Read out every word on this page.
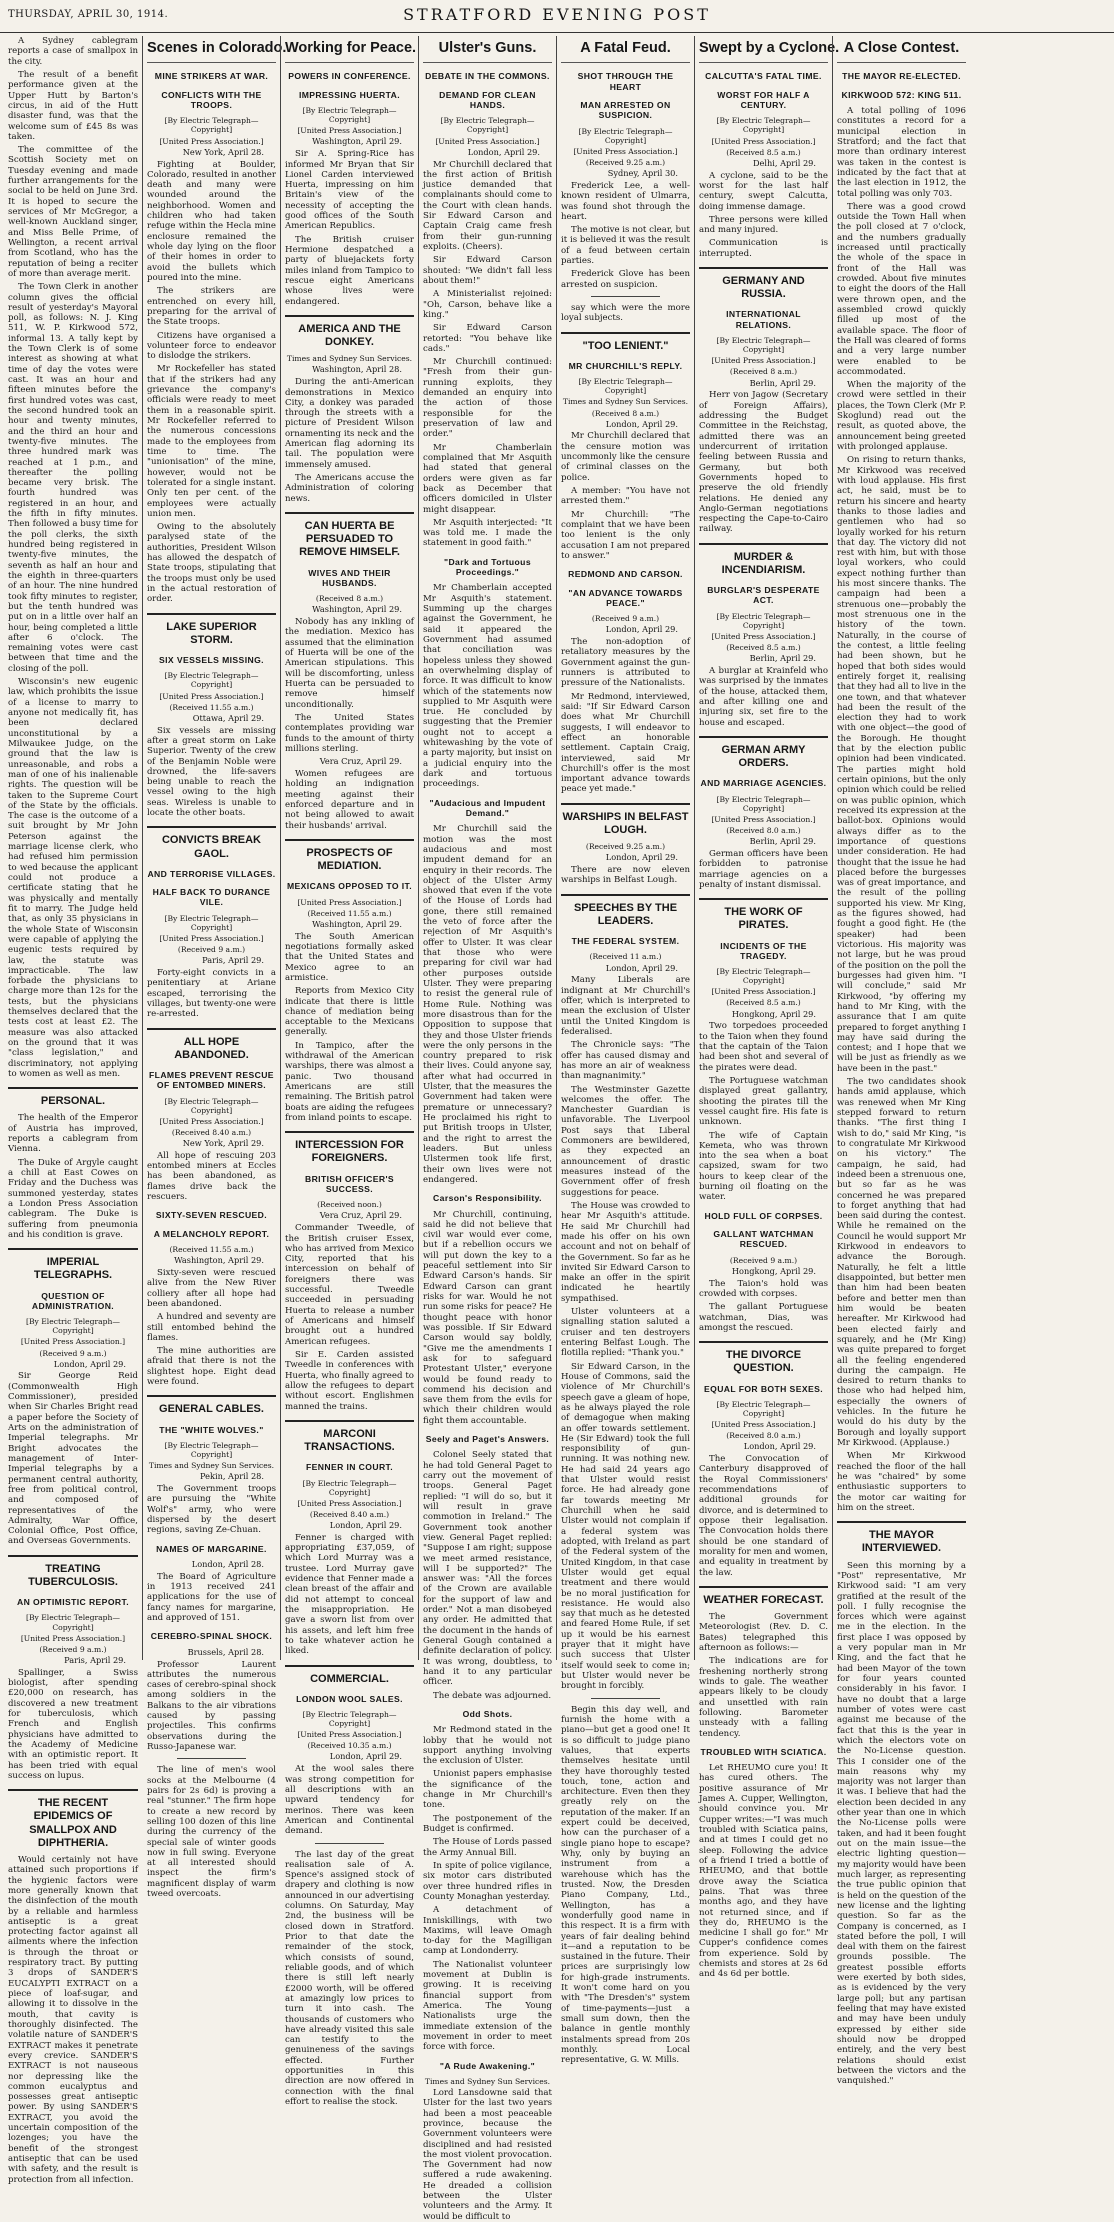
THURSDAY, APRIL 30, 1914.	STRATFORD EVENING POST
A Sydney cablegram reports a case of smallpox in the city.
The result of a benefit performance given at the Upper Hutt by Barton's circus, in aid of the Hutt disaster fund, was that the welcome sum of £45 8s was taken.
The committee of the Scottish Society met on Tuesday evening and made further arrangements for the social to be held on June 3rd. It is hoped to secure the services of Mr McGregor, a well-known Auckland singer, and Miss Belle Prime, of Wellington, a recent arrival from Scotland, who has the reputation of being a reciter of more than average merit.
The Town Clerk in another column gives the official result of yesterday's Mayoral poll, as follows: N. J. King 511, W. P. Kirkwood 572, informal 13. A tally kept by the Town Clerk is of some interest as showing at what time of day the votes were cast. It was an hour and fifteen minutes before the first hundred votes was cast, the second hundred took an hour and twenty minutes, and the third an hour and twenty-five minutes. The three hundred mark was reached at 1 p.m., and thereafter the polling became very brisk. The fourth hundred was registered in an hour, and the fifth in fifty minutes. Then followed a busy time for the poll clerks, the sixth hundred being registered in twenty-five minutes, the seventh as half an hour and the eighth in three-quarters of an hour. The nine hundred took fifty minutes to register, but the tenth hundred was put on in a little over half an hour, being completed a little after 6 o'clock. The remaining votes were cast between that time and the closing of the poll.
Wisconsin's new eugenic law, which prohibits the issue of a license to marry to anyone not medically fit, has been declared unconstitutional by a Milwaukee Judge, on the ground that the law is unreasonable, and robs a man of one of his inalienable rights. The question will be taken to the Supreme Court of the State by the officials. The case is the outcome of a suit brought by Mr John Peterson against the marriage license clerk, who had refused him permission to wed because the applicant could not produce a certificate stating that he was physically and mentally fit to marry. The Judge held that, as only 35 physicians in the whole State of Wisconsin were capable of applying the eugenic tests required by law, the statute was impracticable. The law forbade the physicians to charge more than 12s for the tests, but the physicians themselves declared that the tests cost at least £2. The measure was also attacked on the ground that it was "class legislation," and discriminatory, not applying to women as well as men.
PERSONAL.
The health of the Emperor of Austria has improved, reports a cablegram from Vienna.
The Duke of Argyle caught a chill at East Cowes on Friday and the Duchess was summoned yesterday, states a London Press Association cablegram. The Duke is suffering from pneumonia and his condition is grave.
IMPERIAL TELEGRAPHS.
QUESTION OF ADMINISTRATION.
[By Electric Telegraph—Copyright]
[United Press Association.]
(Received 9 a.m.)
London, April 29.
Sir George Reid (Commonwealth High Commissioner), presided when Sir Charles Bright read a paper before the Society of Arts on the administration of Imperial telegraphs. Mr Bright advocates the management of Inter-Imperial telegraphs by a permanent central authority, free from political control, and composed of representatives of the Admiralty, War Office, Colonial Office, Post Office, and Overseas Governments.
TREATING TUBERCULOSIS.
AN OPTIMISTIC REPORT.
[By Electric Telegraph—Copyright]
[United Press Association.]
(Received 9 a.m.)
Paris, April 29.
Spallinger, a Swiss biologist, after spending £20,000 on research, has discovered a new treatment for tuberculosis, which French and English physicians have admitted to the Academy of Medicine with an optimistic report. It has been tried with equal success on lupus.
THE RECENT EPIDEMICS OF SMALLPOX AND DIPHTHERIA.
Would certainly not have attained such proportions if the hygienic factors were more generally known that the disinfection of the mouth by a reliable and harmless antiseptic is a great protecting factor against all ailments where the infection is through the throat or respiratory tract. By putting 3 drops of SANDER'S EUCALYPTI EXTRACT on a piece of loaf-sugar, and allowing it to dissolve in the mouth, that cavity is thoroughly disinfected. The volatile nature of SANDER'S EXTRACT makes it penetrate every crevice. SANDER'S EXTRACT is not nauseous nor depressing like the common eucalyptus and possesses great antiseptic power. By using SANDER'S EXTRACT, you avoid the uncertain composition of the lozenges; you have the benefit of the strongest antiseptic that can be used with safety, and the result is protection from all infection.
Scenes in Colorado.
MINE STRIKERS AT WAR.
CONFLICTS WITH THE TROOPS.
[By Electric Telegraph—Copyright]
[United Press Association.]
New York, April 28.
Fighting at Boulder, Colorado, resulted in another death and many were wounded around the neighborhood. Women and children who had taken refuge within the Hecla mine enclosure remained the whole day lying on the floor of their homes in order to avoid the bullets which poured into the mine.
The strikers are entrenched on every hill, preparing for the arrival of the State troops.
Citizens have organised a volunteer force to endeavor to dislodge the strikers.
Mr Rockefeller has stated that if the strikers had any grievance the company's officials were ready to meet them in a reasonable spirit. Mr Rockefeller referred to the numerous concessions made to the employees from time to time. The "unionisation" of the mine, however, would not be tolerated for a single instant. Only ten per cent. of the employees were actually union men.
Owing to the absolutely paralysed state of the authorities, President Wilson has allowed the despatch of State troops, stipulating that the troops must only be used in the actual restoration of order.
LAKE SUPERIOR STORM.
SIX VESSELS MISSING.
[By Electric Telegraph—Copyright]
[United Press Association.]
(Received 11.55 a.m.)
Ottawa, April 29.
Six vessels are missing after a great storm on Lake Superior. Twenty of the crew of the Benjamin Noble were drowned, the life-savers being unable to reach the vessel owing to the high seas. Wireless is unable to locate the other boats.
CONVICTS BREAK GAOL.
AND TERRORISE VILLAGES.
HALF BACK TO DURANCE VILE.
[By Electric Telegraph—Copyright]
[United Press Association.]
(Received 9 a.m.)
Paris, April 29.
Forty-eight convicts in a penitentiary at Ariane escaped, terrorising the villages, but twenty-one were re-arrested.
ALL HOPE ABANDONED.
FLAMES PREVENT RESCUE OF ENTOMBED MINERS.
[By Electric Telegraph—Copyright]
[United Press Association.]
(Received 8.40 a.m.)
New York, April 29.
All hope of rescuing 203 entombed miners at Eccles has been abandoned, as flames drive back the rescuers.
SIXTY-SEVEN RESCUED.
A MELANCHOLY REPORT.
(Received 11.55 a.m.)
Washington, April 29.
Sixty-seven were rescued alive from the New River colliery after all hope had been abandoned.
A hundred and seventy are still entombed behind the flames.
The mine authorities are afraid that there is not the slightest hope. Eight dead were found.
GENERAL CABLES.
THE "WHITE WOLVES."
[By Electric Telegraph—Copyright]
Times and Sydney Sun Services.
Pekin, April 28.
The Government troops are pursuing the "White Wolf's" army, who were dispersed by the desert regions, saving Ze-Chuan.
NAMES OF MARGARINE.
London, April 28.
The Board of Agriculture in 1913 received 241 applications for the use of fancy names for margarine, and approved of 151.
CEREBRO-SPINAL SHOCK.
Brussels, April 28.
Professor Laurent attributes the numerous cases of cerebro-spinal shock among soldiers in the Balkans to the air vibrations caused by passing projectiles. This confirms observations during the Russo-Japanese war.
The line of men's wool socks at the Melbourne (4 pairs for 2s 6d) is proving a real "stunner." The firm hope to create a new record by selling 100 dozen of this line during the currency of the special sale of winter goods now in full swing. Everyone at all interested should inspect the firm's magnificent display of warm tweed overcoats.
Working for Peace.
POWERS IN CONFERENCE.
IMPRESSING HUERTA.
[By Electric Telegraph—Copyright]
[United Press Association.]
Washington, April 29.
Sir A. Spring-Rice has informed Mr Bryan that Sir Lionel Carden interviewed Huerta, impressing on him Britain's view of the necessity of accepting the good offices of the South American Republics.
The British cruiser Hermione despatched a party of bluejackets forty miles inland from Tampico to rescue eight Americans whose lives were endangered.
AMERICA AND THE DONKEY.
Times and Sydney Sun Services.
Washington, April 28.
During the anti-American demonstrations in Mexico City, a donkey was paraded through the streets with a picture of President Wilson ornamenting its neck and the American flag adorning its tail. The population were immensely amused.
The Americans accuse the Administration of coloring news.
CAN HUERTA BE PERSUADED TO REMOVE HIMSELF.
WIVES AND THEIR HUSBANDS.
(Received 8 a.m.)
Washington, April 29.
Nobody has any inkling of the mediation. Mexico has assumed that the elimination of Huerta will be one of the American stipulations. This will be discomforting, unless Huerta can be persuaded to remove himself unconditionally.
The United States contemplates providing war funds to the amount of thirty millions sterling.
Vera Cruz, April 29.
Women refugees are holding an indignation meeting against their enforced departure and in not being allowed to await their husbands' arrival.
PROSPECTS OF MEDIATION.
MEXICANS OPPOSED TO IT.
[United Press Association.]
(Received 11.55 a.m.)
Washington, April 29.
The South American negotiations formally asked that the United States and Mexico agree to an armistice.
Reports from Mexico City indicate that there is little chance of mediation being acceptable to the Mexicans generally.
In Tampico, after the withdrawal of the American warships, there was almost a panic. Two thousand Americans are still remaining. The British patrol boats are aiding the refugees from inland points to escape.
INTERCESSION FOR FOREIGNERS.
BRITISH OFFICER'S SUCCESS.
(Received noon.)
Vera Cruz, April 29.
Commander Tweedle, of the British cruiser Essex, who has arrived from Mexico City, reported that his intercession on behalf of foreigners there was successful. Tweedle succeeded in persuading Huerta to release a number of Americans and himself brought out a hundred American refugees.
Sir E. Carden assisted Tweedle in conferences with Huerta, who finally agreed to allow the refugees to depart without escort. Englishmen manned the trains.
MARCONI TRANSACTIONS.
FENNER IN COURT.
[By Electric Telegraph—Copyright]
[United Press Association.]
(Received 8.40 a.m.)
London, April 29.
Fenner is charged with appropriating £37,059, of which Lord Murray was a trustee. Lord Murray gave evidence that Fenner made a clean breast of the affair and did not attempt to conceal the misappropriation. He gave a sworn list from over his assets, and left him free to take whatever action he liked.
COMMERCIAL.
LONDON WOOL SALES.
[By Electric Telegraph—Copyright]
[United Press Association.]
(Received 10.35 a.m.)
London, April 29.
At the wool sales there was strong competition for all descriptions with an upward tendency for merinos. There was keen American and Continental demand.
The last day of the great realisation sale of A. Spence's assigned stock of drapery and clothing is now announced in our advertising columns. On Saturday, May 2nd, the business will be closed down in Stratford. Prior to that date the remainder of the stock, which consists of sound, reliable goods, and of which there is still left nearly £2000 worth, will be offered at amazingly low prices to turn it into cash. The thousands of customers who have already visited this sale can testify to the genuineness of the savings effected. Further opportunities in this direction are now offered in connection with the final effort to realise the stock.
Ulster's Guns.
DEBATE IN THE COMMONS.
DEMAND FOR CLEAN HANDS.
[By Electric Telegraph—Copyright]
[United Press Association.]
London, April 29.
Mr Churchill declared that the first action of British justice demanded that complainants should come to the Court with clean hands. Sir Edward Carson and Captain Craig came fresh from their gun-running exploits. (Cheers).
Sir Edward Carson shouted: "We didn't fall less about them!"
A Ministerialist rejoined: "Oh, Carson, behave like a king."
Sir Edward Carson retorted: "You behave like cads."
Mr Churchill continued: "Fresh from their gun-running exploits, they demanded an enquiry into the action of those responsible for the preservation of law and order."
Mr Chamberlain complained that Mr Asquith had stated that general orders were given as far back as December that officers domiciled in Ulster might disappear.
Mr Asquith interjected: "It was told me. I made the statement in good faith."
"Dark and Tortuous Proceedings."
Mr Chamberlain accepted Mr Asquith's statement. Summing up the charges against the Government, he said it appeared the Government had assumed that conciliation was hopeless unless they showed an overwhelming display of force. It was difficult to know which of the statements now supplied to Mr Asquith were true. He concluded by suggesting that the Premier ought not to accept a whitewashing by the vote of a party majority, but insist on a judicial enquiry into the dark and tortuous proceedings.
"Audacious and Impudent Demand."
Mr Churchill said the motion was the most audacious and most impudent demand for an enquiry in their records. The object of the Ulster Army showed that even if the vote of the House of Lords had gone, there still remained the veto of force after the rejection of Mr Asquith's offer to Ulster. It was clear that those who were preparing for civil war had other purposes outside Ulster. They were preparing to resist the general rule of Home Rule. Nothing was more disastrous than for the Opposition to suppose that they and those Ulster friends were the only persons in the country prepared to risk their lives. Could anyone say, after what had occurred in Ulster, that the measures the Government had taken were premature or unnecessary? He proclaimed his right to put British troops in Ulster, and the right to arrest the leaders. But unless Ulstermen took life first, their own lives were not endangered.
Carson's Responsibility.
Mr Churchill, continuing, said he did not believe that civil war would ever come, but if a rebellion occurs we will put down the key to a peaceful settlement into Sir Edward Carson's hands. Sir Edward Carson can grant risks for war. Would he not run some risks for peace? He thought peace with honor was possible. If Sir Edward Carson would say boldly, "Give me the amendments I ask for to safeguard Protestant Ulster," everyone would be found ready to commend his decision and save them from the evils for which their children would fight them accountable.
Seely and Paget's Answers.
Colonel Seely stated that he had told General Paget to carry out the movement of troops. General Paget replied: "I will do so, but it will result in grave commotion in Ireland." The Government took another view. General Paget replied: "Suppose I am right; suppose we meet armed resistance, will I be supported?" The answer was: "All the forces of the Crown are available for the support of law and order." Not a man disobeyed any order. He admitted that the document in the hands of General Gough contained a definite declaration of policy. It was wrong, doubtless, to hand it to any particular officer.
The debate was adjourned.
Odd Shots.
Mr Redmond stated in the lobby that he would not support anything involving the exclusion of Ulster.
Unionist papers emphasise the significance of the change in Mr Churchill's tone.
The postponement of the Budget is confirmed.
The House of Lords passed the Army Annual Bill.
In spite of police vigilance, six motor cars distributed over three hundred rifles in County Monaghan yesterday.
A detachment of Inniskillings, with two Maxims, will leave Omagh to-day for the Magilligan camp at Londonderry.
The Nationalist volunteer movement at Dublin is growing. It is receiving financial support from America. The Young Nationalists urge the immediate extension of the movement in order to meet force with force.
"A Rude Awakening."
Times and Sydney Sun Services.
Lord Lansdowne said that Ulster for the last two years had been a most peaceable province, because the Government volunteers were disciplined and had resisted the most violent provocation. The Government had now suffered a rude awakening. He dreaded a collision between the Ulster volunteers and the Army. It would be difficult to
A Fatal Feud.
SHOT THROUGH THE HEART
MAN ARRESTED ON SUSPICION.
[By Electric Telegraph—Copyright]
[United Press Association.]
(Received 9.25 a.m.)
Sydney, April 30.
Frederick Lee, a well-known resident of Ulmarra, was found shot through the heart.
The motive is not clear, but it is believed it was the result of a feud between certain parties.
Frederick Glove has been arrested on suspicion.
say which were the more loyal subjects.
"TOO LENIENT."
MR CHURCHILL'S REPLY.
[By Electric Telegraph—Copyright]
Times and Sydney Sun Services.
(Received 8 a.m.)
London, April 29.
Mr Churchill declared that the censure motion was uncommonly like the censure of criminal classes on the police.
A member: "You have not arrested them."
Mr Churchill: "The complaint that we have been too lenient is the only accusation I am not prepared to answer."
REDMOND AND CARSON.
"AN ADVANCE TOWARDS PEACE."
(Received 9 a.m.)
London, April 29.
The non-adoption of retaliatory measures by the Government against the gun-runners is attributed to pressure of the Nationalists.
Mr Redmond, interviewed, said: "If Sir Edward Carson does what Mr Churchill suggests, I will endeavor to effect an honorable settlement. Captain Craig, interviewed, said Mr Churchill's offer is the most important advance towards peace yet made."
WARSHIPS IN BELFAST LOUGH.
(Received 9.25 a.m.)
London, April 29.
There are now eleven warships in Belfast Lough.
SPEECHES BY THE LEADERS.
THE FEDERAL SYSTEM.
(Received 11 a.m.)
London, April 29.
Many Liberals are indignant at Mr Churchill's offer, which is interpreted to mean the exclusion of Ulster until the United Kingdom is federalised.
The Chronicle says: "The offer has caused dismay and has more an air of weakness than magnanimity."
The Westminster Gazette welcomes the offer. The Manchester Guardian is unfavorable. The Liverpool Post says that Liberal Commoners are bewildered, as they expected an announcement of drastic measures instead of the Government offer of fresh suggestions for peace.
The House was crowded to hear Mr Asquith's attitude. He said Mr Churchill had made his offer on his own account and not on behalf of the Government. So far as he invited Sir Edward Carson to make an offer in the spirit indicated he heartily sympathised.
Ulster volunteers at a signalling station saluted a cruiser and ten destroyers entering Belfast Lough. The flotilla replied: "Thank you."
Sir Edward Carson, in the House of Commons, said the violence of Mr Churchill's speech gave a gleam of hope, as he always played the role of demagogue when making an offer towards settlement. He (Sir Edward) took the full responsibility of gun-running. It was nothing new. He had said 24 years ago that Ulster would resist force. He had already gone far towards meeting Mr Churchill when he said Ulster would not complain if a federal system was adopted, with Ireland as part of the Federal system of the United Kingdom, in that case Ulster would get equal treatment and there would be no moral justification for resistance. He would also say that much as he detested and feared Home Rule, if set up it would be his earnest prayer that it might have such success that Ulster itself would seek to come in; but Ulster would never be brought in forcibly.
Begin this day well, and furnish the home with a piano—but get a good one! It is so difficult to judge piano values, that experts themselves hesitate until they have thoroughly tested touch, tone, action and architecture. Even then they greatly rely on the reputation of the maker. If an expert could be deceived, how can the purchaser of a single piano hope to escape? Why, only by buying an instrument from a warehouse which has the trusted. Now, the Dresden Piano Company, Ltd., Wellington, has a wonderfully good name in this respect. It is a firm with years of fair dealing behind it—and a reputation to be sustained in the future. Their prices are surprisingly low for high-grade instruments. It won't come hard on you with "The Dresden's" system of time-payments—just a small sum down, then the balance in gentle monthly instalments spread from 20s monthly. Local representative, G. W. Mills.
Swept by a Cyclone.
CALCUTTA'S FATAL TIME.
WORST FOR HALF A CENTURY.
[By Electric Telegraph—Copyright]
[United Press Association.]
(Received 8.5 a.m.)
Delhi, April 29.
A cyclone, said to be the worst for the last half century, swept Calcutta, doing immense damage.
Three persons were killed and many injured.
Communication is interrupted.
GERMANY AND RUSSIA.
INTERNATIONAL RELATIONS.
[By Electric Telegraph—Copyright]
[United Press Association.]
(Received 8 a.m.)
Berlin, April 29.
Herr von Jagow (Secretary of Foreign Affairs), addressing the Budget Committee in the Reichstag, admitted there was an undercurrent of irritation feeling between Russia and Germany, but both Governments hoped to preserve the old friendly relations. He denied any Anglo-German negotiations respecting the Cape-to-Cairo railway.
MURDER & INCENDIARISM.
BURGLAR'S DESPERATE ACT.
[By Electric Telegraph—Copyright]
[United Press Association.]
(Received 8.5 a.m.)
Berlin, April 29.
A burglar at Krainfeld who was surprised by the inmates of the house, attacked them, and after killing one and injuring six, set fire to the house and escaped.
GERMAN ARMY ORDERS.
AND MARRIAGE AGENCIES.
[By Electric Telegraph—Copyright]
[United Press Association.]
(Received 8.0 a.m.)
Berlin, April 29.
German officers have been forbidden to patronise marriage agencies on a penalty of instant dismissal.
THE WORK OF PIRATES.
INCIDENTS OF THE TRAGEDY.
[By Electric Telegraph—Copyright]
[United Press Association.]
(Received 8.5 a.m.)
Hongkong, April 29.
Two torpedoes proceeded to the Taion when they found that the captain of the Taion had been shot and several of the pirates were dead.
The Portuguese watchman displayed great gallantry, shooting the pirates till the vessel caught fire. His fate is unknown.
The wife of Captain Kemeta, who was thrown into the sea when a boat capsized, swam for two hours to keep clear of the burning oil floating on the water.
HOLD FULL OF CORPSES.
GALLANT WATCHMAN RESCUED.
(Received 9 a.m.)
Hongkong, April 29.
The Taion's hold was crowded with corpses.
The gallant Portuguese watchman, Dias, was amongst the rescued.
THE DIVORCE QUESTION.
EQUAL FOR BOTH SEXES.
[By Electric Telegraph—Copyright]
[United Press Association.]
(Received 8.0 a.m.)
London, April 29.
The Convocation of Canterbury disapproved of the Royal Commissioners' recommendations of additional grounds for divorce, and is determined to oppose their legalisation. The Convocation holds there should be one standard of morality for men and women, and equality in treatment by the law.
WEATHER FORECAST.
The Government Meteorologist (Rev. D. C. Bates) telegraphed this afternoon as follows:—
The indications are for freshening northerly strong winds to gale. The weather appears likely to be cloudy and unsettled with rain following. Barometer unsteady with a falling tendency.
TROUBLED WITH SCIATICA.
Let RHEUMO cure you! It has cured others. The positive assurance of Mr James A. Cupper, Wellington, should convince you. Mr Cupper writes:—"I was much troubled with Sciatica pains, and at times I could get no sleep. Following the advice of a friend I tried a bottle of RHEUMO, and that bottle drove away the Sciatica pains. That was three months ago, and they have not returned since, and if they do, RHEUMO is the medicine I shall go for." Mr Cupper's confidence comes from experience. Sold by chemists and stores at 2s 6d and 4s 6d per bottle.
A Close Contest.
THE MAYOR RE-ELECTED.
KIRKWOOD 572: KING 511.
A total polling of 1096 constitutes a record for a municipal election in Stratford; and the fact that more than ordinary interest was taken in the contest is indicated by the fact that at the last election in 1912, the total polling was only 703.
There was a good crowd outside the Town Hall when the poll closed at 7 o'clock, and the numbers gradually increased until practically the whole of the space in front of the Hall was crowded. About five minutes to eight the doors of the Hall were thrown open, and the assembled crowd quickly filled up most of the available space. The floor of the Hall was cleared of forms and a very large number were enabled to be accommodated.
When the majority of the crowd were settled in their places, the Town Clerk (Mr P. Skoglund) read out the result, as quoted above, the announcement being greeted with prolonged applause.
On rising to return thanks, Mr Kirkwood was received with loud applause. His first act, he said, must be to return his sincere and hearty thanks to those ladies and gentlemen who had so loyally worked for his return that day. The victory did not rest with him, but with those loyal workers, who could expect nothing further than his most sincere thanks. The campaign had been a strenuous one—probably the most strenuous one in the history of the town. Naturally, in the course of the contest, a little feeling had been shown, but he hoped that both sides would entirely forget it, realising that they had all to live in the one town, and that whatever had been the result of the election they had to work with one object—the good of the Borough. He thought that by the election public opinion had been vindicated. The parties might hold certain opinions, but the only opinion which could be relied on was public opinion, which received its expression at the ballot-box. Opinions would always differ as to the importance of questions under consideration. He had thought that the issue he had placed before the burgesses was of great importance, and the result of the polling supported his view. Mr King, as the figures showed, had fought a good fight. He (the speaker) had been victorious. His majority was not large, but he was proud of the position on the poll the burgesses had given him. "I will conclude," said Mr Kirkwood, "by offering my hand to Mr King, with the assurance that I am quite prepared to forget anything I may have said during the contest; and I hope that we will be just as friendly as we have been in the past."
The two candidates shook hands amid applause, which was renewed when Mr King stepped forward to return thanks. "The first thing I wish to do," said Mr King, "is to congratulate Mr Kirkwood on his victory." The campaign, he said, had indeed been a strenuous one, but so far as he was concerned he was prepared to forget anything that had been said during the contest. While he remained on the Council he would support Mr Kirkwood in endeavors to advance the Borough. Naturally, he felt a little disappointed, but better men than him had been beaten before and better men than him would be beaten hereafter. Mr Kirkwood had been elected fairly and squarely, and he (Mr King) was quite prepared to forget all the feeling engendered during the campaign. He desired to return thanks to those who had helped him, especially the owners of vehicles. In the future he would do his duty by the Borough and loyally support Mr Kirkwood. (Applause.)
When Mr Kirkwood reached the floor of the hall he was "chaired" by some enthusiastic supporters to the motor car waiting for him on the street.
THE MAYOR INTERVIEWED.
Seen this morning by a "Post" representative, Mr Kirkwood said: "I am very gratified at the result of the poll. I fully recognise the forces which were against me in the election. In the first place I was opposed by a very popular man in Mr King, and the fact that he had been Mayor of the town for four years counted considerably in his favor. I have no doubt that a large number of votes were cast against me because of the fact that this is the year in which the electors vote on the No-License question. This I consider one of the main reasons why my majority was not larger than it was. I believe that had the election been decided in any other year than one in which the No-License polls were taken, and had it been fought out on the main issue—the electric lighting question—my majority would have been much larger, as representing the true public opinion that is held on the question of the new license and the lighting question. So far as the Company is concerned, as I stated before the poll, I will deal with them on the fairest grounds possible. The greatest possible efforts were exerted by both sides, as is evidenced by the very large poll; but any partisan feeling that may have existed and may have been unduly expressed by either side should now be dropped entirely, and the very best relations should exist between the victors and the vanquished."
